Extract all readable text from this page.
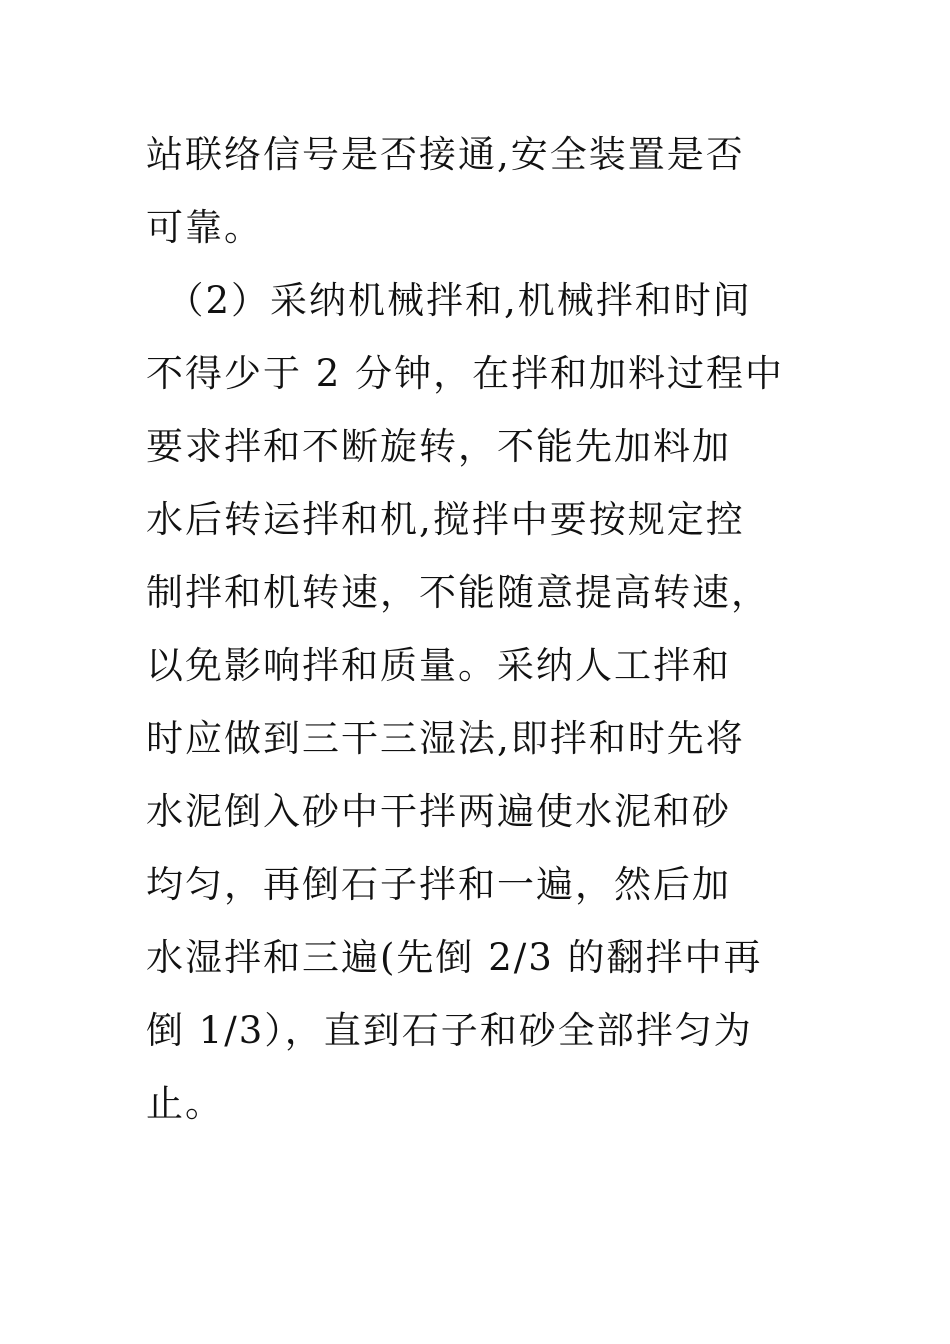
站联络信号是否接通,安全装置是否
可靠。
　（2）采纳机械拌和,机械拌和时间
不得少于 2 分钟，在拌和加料过程中
要求拌和不断旋转，不能先加料加
水后转运拌和机,搅拌中要按规定控
制拌和机转速，不能随意提高转速，
以免影响拌和质量。采纳人工拌和
时应做到三干三湿法,即拌和时先将
水泥倒入砂中干拌两遍使水泥和砂
均匀，再倒石子拌和一遍，然后加
水湿拌和三遍(先倒 2/3 的翻拌中再
倒 1/3），直到石子和砂全部拌匀为
止。
